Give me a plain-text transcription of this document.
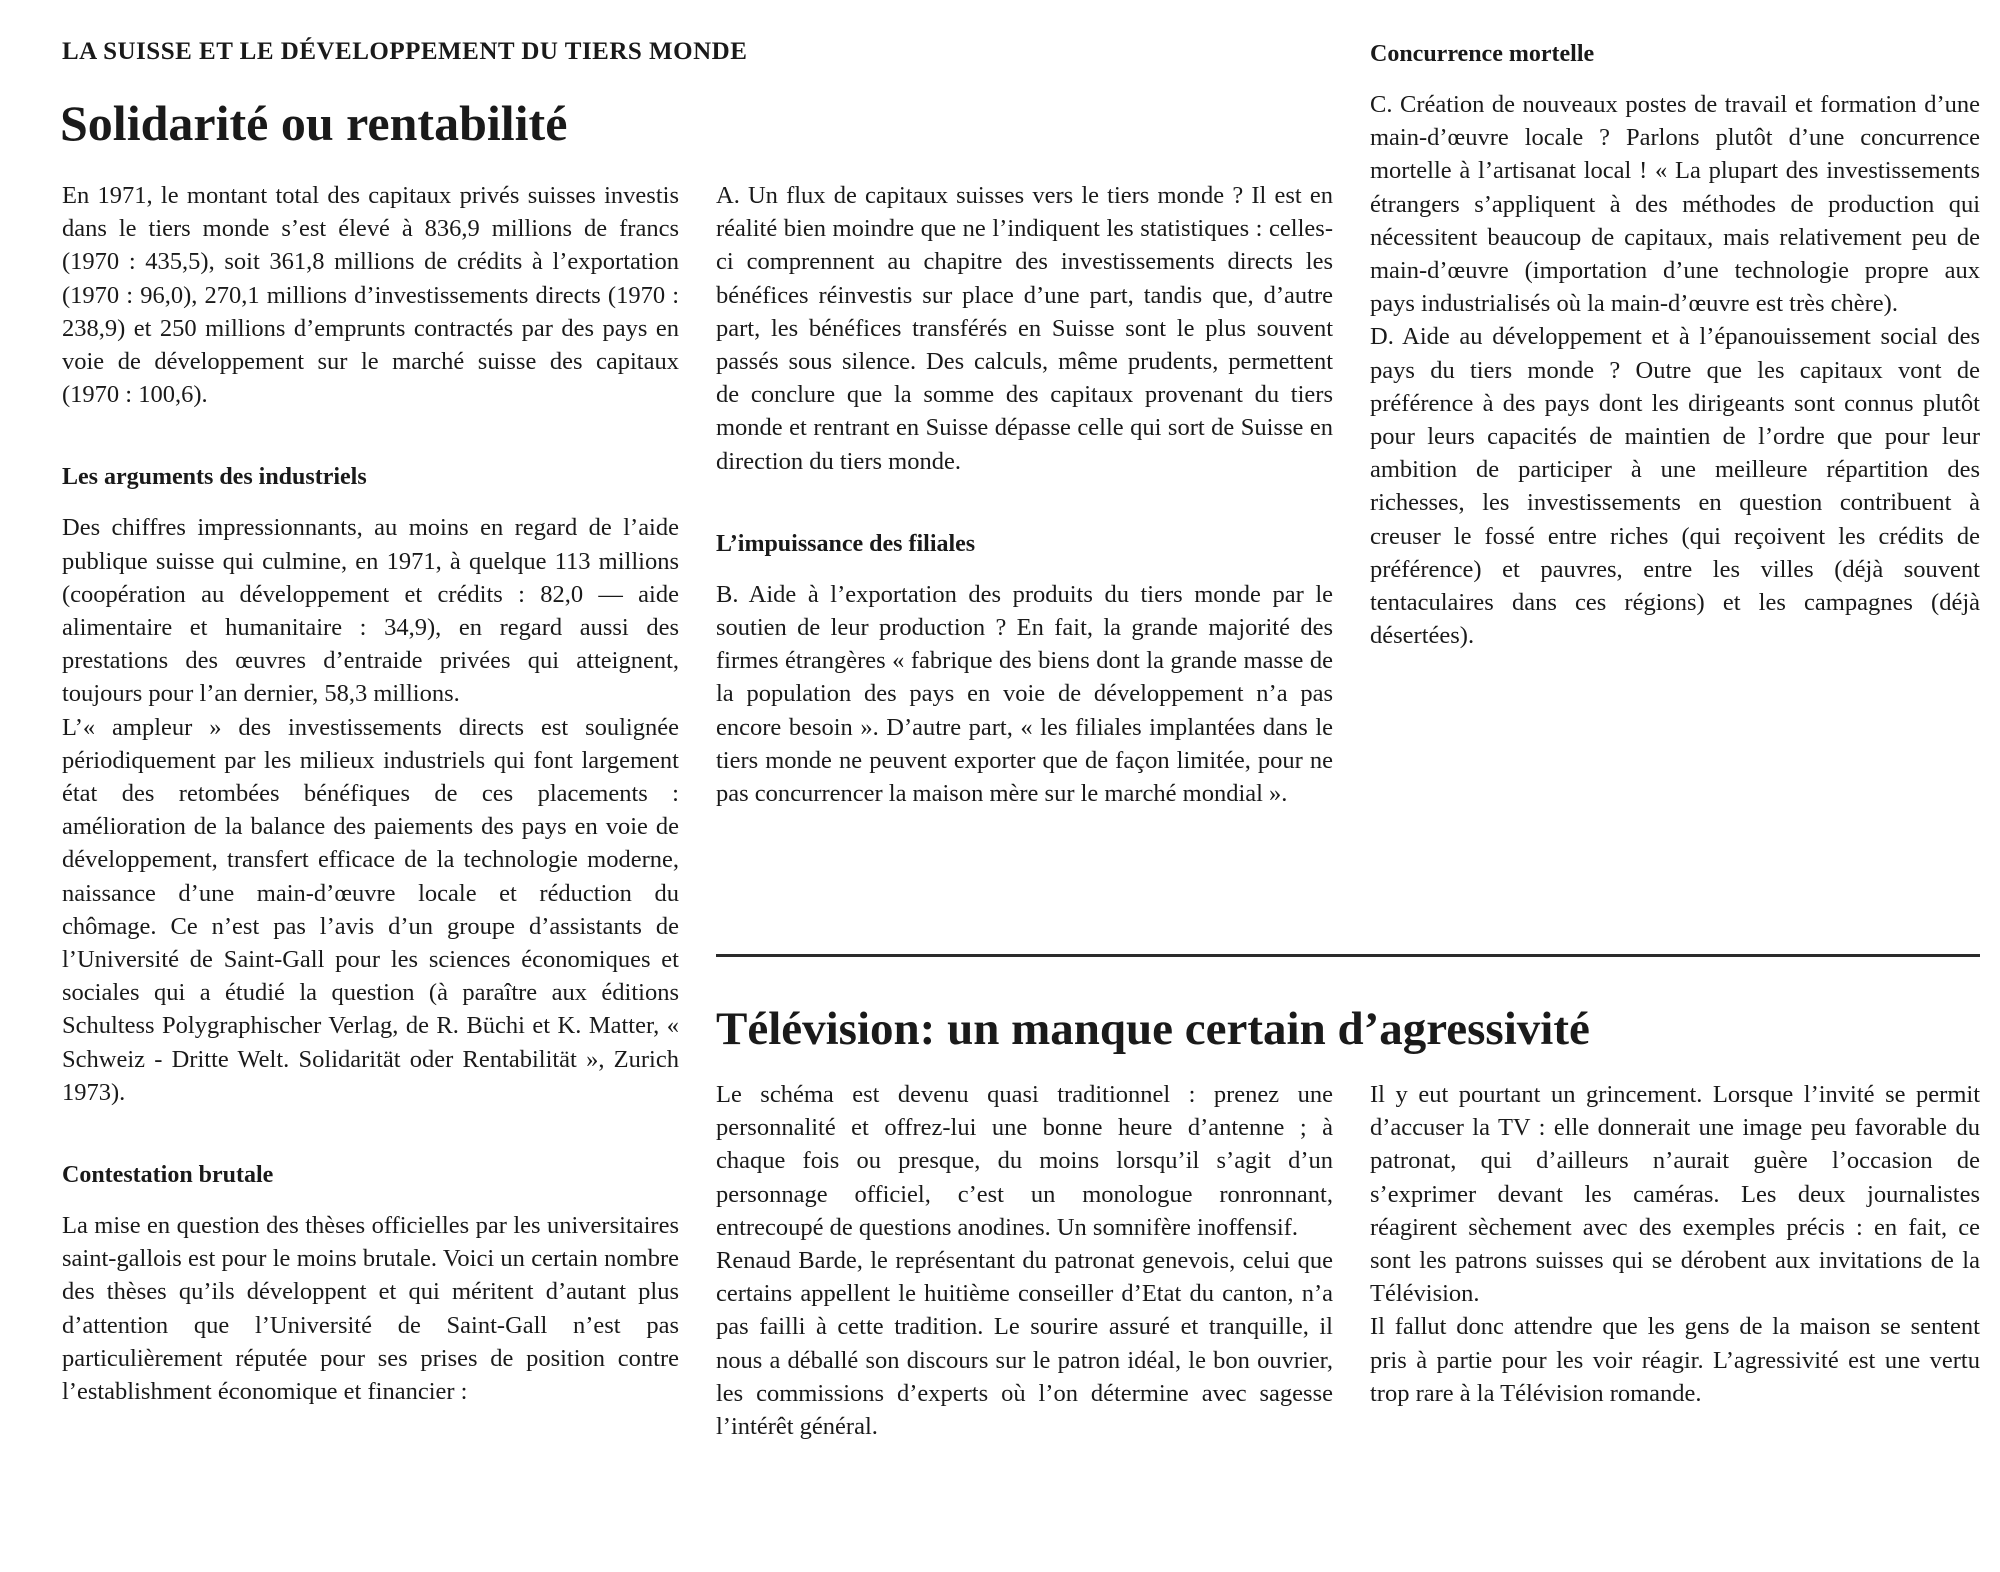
LA SUISSE ET LE DÉVELOPPEMENT DU TIERS MONDE
Solidarité ou rentabilité

En 1971, le montant total des capitaux privés suisses investis dans le tiers monde s’est élevé à 836,9 millions de francs (1970 : 435,5), soit 361,8 millions de crédits à l’exportation (1970 : 96,0), 270,1 millions d’investissements directs (1970 : 238,9) et 250 millions d’emprunts contractés par des pays en voie de développement sur le marché suisse des capitaux (1970 : 100,6).

Les arguments des industriels

Des chiffres impressionnants, au moins en regard de l’aide publique suisse qui culmine, en 1971, à quelque 113 millions (coopération au développement et crédits : 82,0 — aide alimentaire et humanitaire : 34,9), en regard aussi des prestations des œuvres d’entraide privées qui atteignent, toujours pour l’an dernier, 58,3 millions.

L’« ampleur » des investissements directs est soulignée périodiquement par les milieux industriels qui font largement état des retombées bénéfiques de ces placements : amélioration de la balance des paiements des pays en voie de développement, transfert efficace de la technologie moderne, naissance d’une main-d’œuvre locale et réduction du chômage. Ce n’est pas l’avis d’un groupe d’assistants de l’Université de Saint-Gall pour les sciences économiques et sociales qui a étudié la question (à paraître aux éditions Schultess Polygraphischer Verlag, de R. Büchi et K. Matter, « Schweiz - Dritte Welt. Solidarität oder Rentabilität », Zurich 1973).

Contestation brutale

La mise en question des thèses officielles par les universitaires saint-gallois est pour le moins brutale. Voici un certain nombre des thèses qu’ils développent et qui méritent d’autant plus d’attention que l’Université de Saint-Gall n’est pas particulièrement réputée pour ses prises de position contre l’establishment économique et financier :

A. Un flux de capitaux suisses vers le tiers monde ? Il est en réalité bien moindre que ne l’indiquent les statistiques : celles-ci comprennent au chapitre des investissements directs les bénéfices réinvestis sur place d’une part, tandis que, d’autre part, les bénéfices transférés en Suisse sont le plus souvent passés sous silence. Des calculs, même prudents, permettent de conclure que la somme des capitaux provenant du tiers monde et rentrant en Suisse dépasse celle qui sort de Suisse en direction du tiers monde.

L’impuissance des filiales

B. Aide à l’exportation des produits du tiers monde par le soutien de leur production ? En fait, la grande majorité des firmes étrangères « fabrique des biens dont la grande masse de la population des pays en voie de développement n’a pas encore besoin ». D’autre part, « les filiales implantées dans le tiers monde ne peuvent exporter que de façon limitée, pour ne pas concurrencer la maison mère sur le marché mondial ».

Concurrence mortelle

C. Création de nouveaux postes de travail et formation d’une main-d’œuvre locale ? Parlons plutôt d’une concurrence mortelle à l’artisanat local ! « La plupart des investissements étrangers s’appliquent à des méthodes de production qui nécessitent beaucoup de capitaux, mais relativement peu de main-d’œuvre (importation d’une technologie propre aux pays industrialisés où la main-d’œuvre est très chère).

D. Aide au développement et à l’épanouissement social des pays du tiers monde ? Outre que les capitaux vont de préférence à des pays dont les dirigeants sont connus plutôt pour leurs capacités de maintien de l’ordre que pour leur ambition de participer à une meilleure répartition des richesses, les investissements en question contribuent à creuser le fossé entre riches (qui reçoivent les crédits de préférence) et pauvres, entre les villes (déjà souvent tentaculaires dans ces régions) et les campagnes (déjà désertées).

Télévision: un manque certain d’agressivité

Le schéma est devenu quasi traditionnel : prenez une personnalité et offrez-lui une bonne heure d’antenne ; à chaque fois ou presque, du moins lorsqu’il s’agit d’un personnage officiel, c’est un monologue ronronnant, entrecoupé de questions anodines. Un somnifère inoffensif.

Renaud Barde, le représentant du patronat genevois, celui que certains appellent le huitième conseiller d’Etat du canton, n’a pas failli à cette tradition. Le sourire assuré et tranquille, il nous a déballé son discours sur le patron idéal, le bon ouvrier, les commissions d’experts où l’on détermine avec sagesse l’intérêt général.

Il y eut pourtant un grincement. Lorsque l’invité se permit d’accuser la TV : elle donnerait une image peu favorable du patronat, qui d’ailleurs n’aurait guère l’occasion de s’exprimer devant les caméras. Les deux journalistes réagirent sèchement avec des exemples précis : en fait, ce sont les patrons suisses qui se dérobent aux invitations de la Télévision.

Il fallut donc attendre que les gens de la maison se sentent pris à partie pour les voir réagir. L’agressivité est une vertu trop rare à la Télévision romande.
